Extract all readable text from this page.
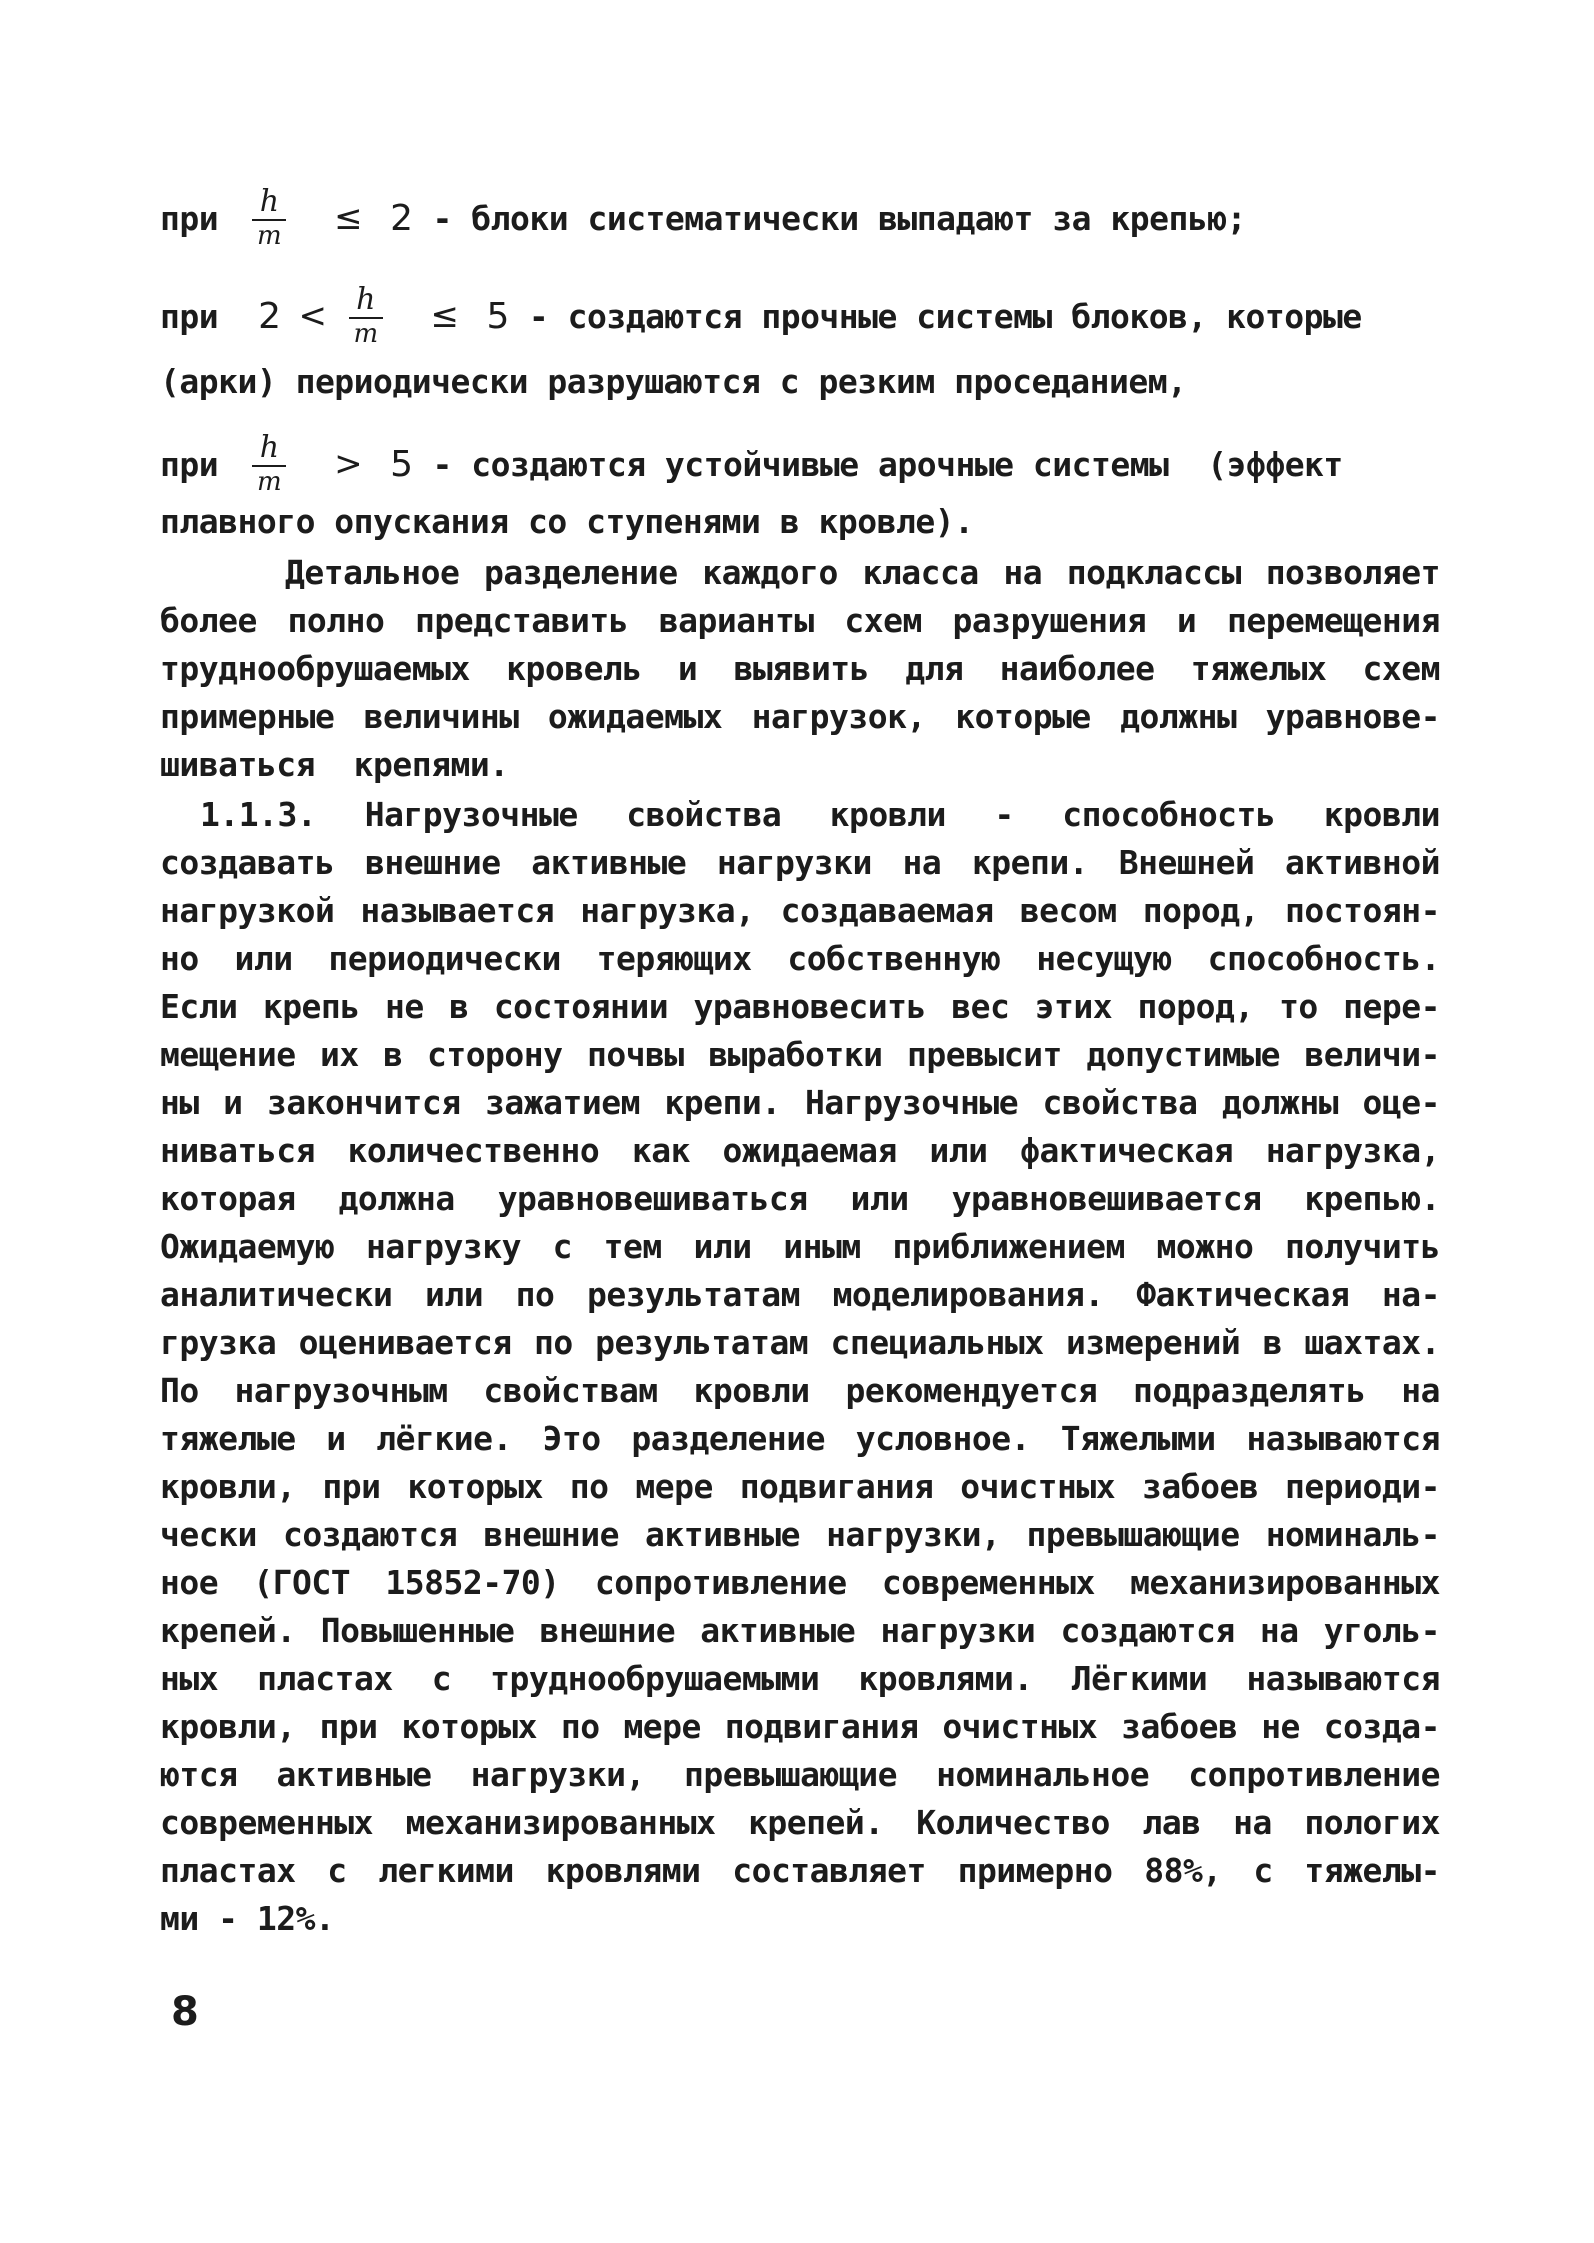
при $\frac{h}{m} \le 2$ - блоки систематически выпадают за крепью;
при $2 < \frac{h}{m} \le 5$ - создаются прочные системы блоков, которые
(арки) периодически разрушаются с резким проседанием,
при $\frac{h}{m} > 5$ - создаются устойчивые арочные системы  (эффект
плавного опускания со ступенями в кровле).
Детальное разделение каждого класса на подклассы позволяет
более полно представить варианты схем разрушения и перемещения
труднообрушаемых кровель и выявить для наиболее тяжелых схем
примерные величины ожидаемых нагрузок, которые должны уравнове-
шиваться  крепями.
1.1.3. Нагрузочные свойства кровли - способность кровли
создавать внешние активные нагрузки на крепи. Внешней активной
нагрузкой называется нагрузка, создаваемая весом пород, постоян-
но или периодически теряющих собственную несущую способность.
Если крепь не в состоянии уравновесить вес этих пород, то пере-
мещение их в сторону почвы выработки превысит допустимые величи-
ны и закончится зажатием крепи. Нагрузочные свойства должны оце-
ниваться количественно как ожидаемая или фактическая нагрузка,
которая должна уравновешиваться или уравновешивается крепью.
Ожидаемую нагрузку с тем или иным приближением можно получить
аналитически или по результатам моделирования. Фактическая на-
грузка оценивается по результатам специальных измерений в шахтах.
По нагрузочным свойствам кровли рекомендуется подразделять на
тяжелые и лёгкие. Это разделение условное. Тяжелыми называются
кровли, при которых по мере подвигания очистных забоев периоди-
чески создаются внешние активные нагрузки, превышающие номиналь-
ное (ГОСТ 15852-70) сопротивление современных механизированных
крепей. Повышенные внешние активные нагрузки создаются на уголь-
ных пластах с труднообрушаемыми кровлями. Лёгкими называются
кровли, при которых по мере подвигания очистных забоев не созда-
ются активные нагрузки, превышающие номинальное сопротивление
современных механизированных крепей. Количество лав на пологих
пластах с легкими кровлями составляет примерно 88%, с тяжелы-
ми - 12%.
8
